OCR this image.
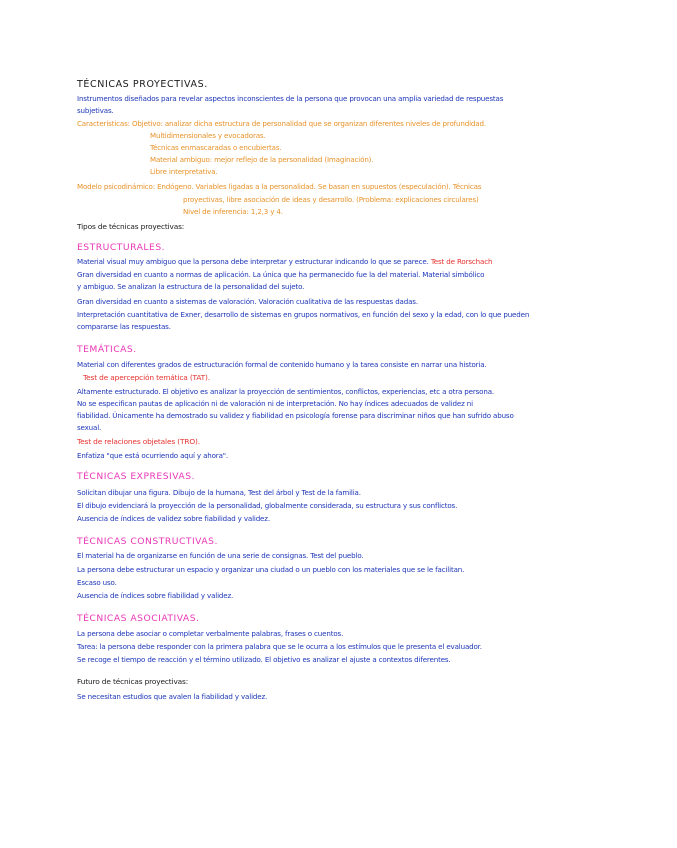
TÉCNICAS PROYECTIVAS.
Instrumentos diseñados para revelar aspectos inconscientes de la persona que provocan una amplia variedad de respuestas
subjetivas.
Características: Objetivo: analizar dicha estructura de personalidad que se organizan diferentes niveles de profundidad.
Multidimensionales y evocadoras.
Técnicas enmascaradas o encubiertas.
Material ambiguo: mejor reflejo de la personalidad (Imaginación).
Libre interpretativa.
Modelo psicodinámico: Endógeno. Variables ligadas a la personalidad. Se basan en supuestos (especulación). Técnicas
proyectivas, libre asociación de ideas y desarrollo. (Problema: explicaciones circulares)
Nivel de inferencia: 1,2,3 y 4.
Tipos de técnicas proyectivas:
ESTRUCTURALES.
Material visual muy ambiguo que la persona debe interpretar y estructurar indicando lo que se parece. Test de Rorschach
Gran diversidad en cuanto a normas de aplicación. La única que ha permanecido fue la del material. Material simbólico
y ambiguo. Se analizan la estructura de la personalidad del sujeto.
Gran diversidad en cuanto a sistemas de valoración. Valoración cualitativa de las respuestas dadas.
Interpretación cuantitativa de Exner, desarrollo de sistemas en grupos normativos, en función del sexo y la edad, con lo que pueden
compararse las respuestas.
TEMÁTICAS.
Material con diferentes grados de estructuración formal de contenido humano y la tarea consiste en narrar una historia.
Test de apercepción temática (TAT).
Altamente estructurado. El objetivo es analizar la proyección de sentimientos, conflictos, experiencias, etc a otra persona.
No se especifican pautas de aplicación ni de valoración ni de interpretación. No hay índices adecuados de validez ni
fiabilidad. Únicamente ha demostrado su validez y fiabilidad en psicología forense para discriminar niños que han sufrido abuso
sexual.
Test de relaciones objetales (TRO).
Enfatiza "que está ocurriendo aquí y ahora".
TÉCNICAS EXPRESIVAS.
Solicitan dibujar una figura. Dibujo de la humana, Test del árbol y Test de la familia.
El dibujo evidenciará la proyección de la personalidad, globalmente considerada, su estructura y sus conflictos.
Ausencia de índices de validez sobre fiabilidad y validez.
TÉCNICAS CONSTRUCTIVAS.
El material ha de organizarse en función de una serie de consignas. Test del pueblo.
La persona debe estructurar un espacio y organizar una ciudad o un pueblo con los materiales que se le facilitan.
Escaso uso.
Ausencia de índices sobre fiabilidad y validez.
TÉCNICAS ASOCIATIVAS.
La persona debe asociar o completar verbalmente palabras, frases o cuentos.
Tarea: la persona debe responder con la primera palabra que se le ocurra a los estímulos que le presenta el evaluador.
Se recoge el tiempo de reacción y el término utilizado. El objetivo es analizar el ajuste a contextos diferentes.
Futuro de técnicas proyectivas:
Se necesitan estudios que avalen la fiabilidad y validez.
